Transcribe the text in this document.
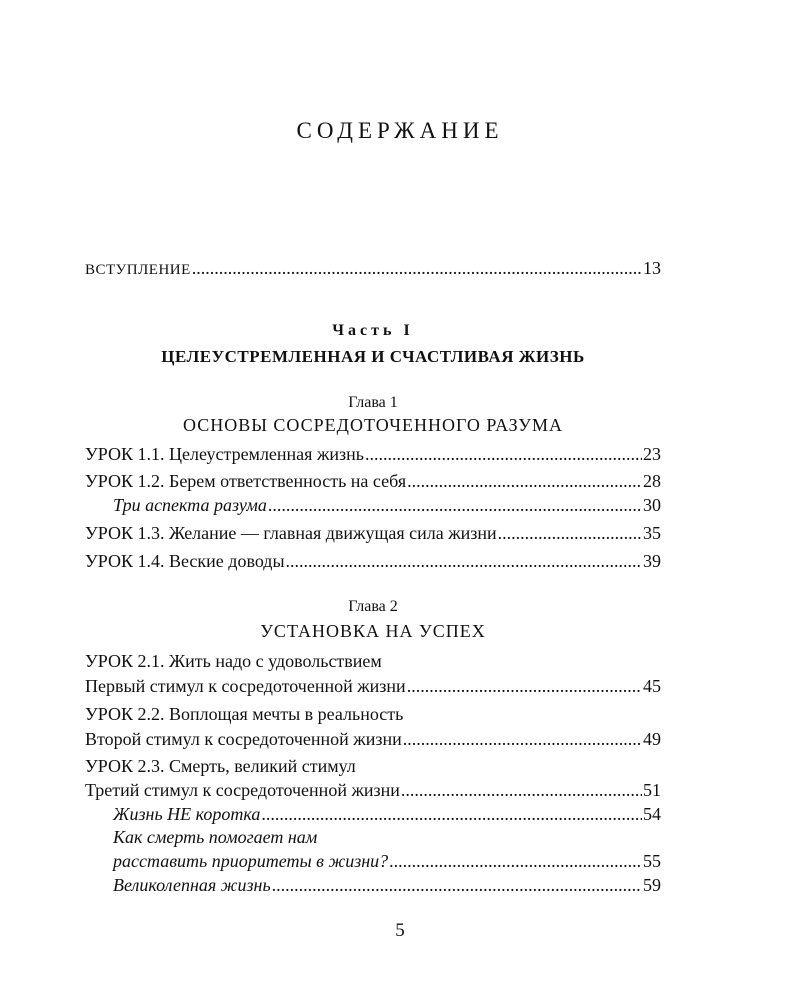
СОДЕРЖАНИЕ
ВСТУПЛЕНИЕ .....	13
УРОК 1.1. Целеустремленная жизнь .....	23
УРОК 1.2. Берем ответственность на себя .....	28
Три аспекта разума .....	30
УРОК 1.3. Желание — главная движущая сила жизни .....	35
УРОК 1.4. Веские доводы .....	39
УРОК 2.1. Жить надо с удовольствием
Первый стимул к сосредоточенной жизни .....	45
УРОК 2.2. Воплощая мечты в реальность
Второй стимул к сосредоточенной жизни .....	49
УРОК 2.3. Смерть, великий стимул
Третий стимул к сосредоточенной жизни .....	51
Жизнь НЕ коротка .....	54
Как смерть помогает нам
расставить приоритеты в жизни? .....	55
Великолепная жизнь .....	59
Часть I
ЦЕЛЕУСТРЕМЛЕННАЯ И СЧАСТЛИВАЯ ЖИЗНЬ
Глава 1
ОСНОВЫ СОСРЕДОТОЧЕННОГО РАЗУМА
Глава 2
УСТАНОВКА НА УСПЕХ
5
